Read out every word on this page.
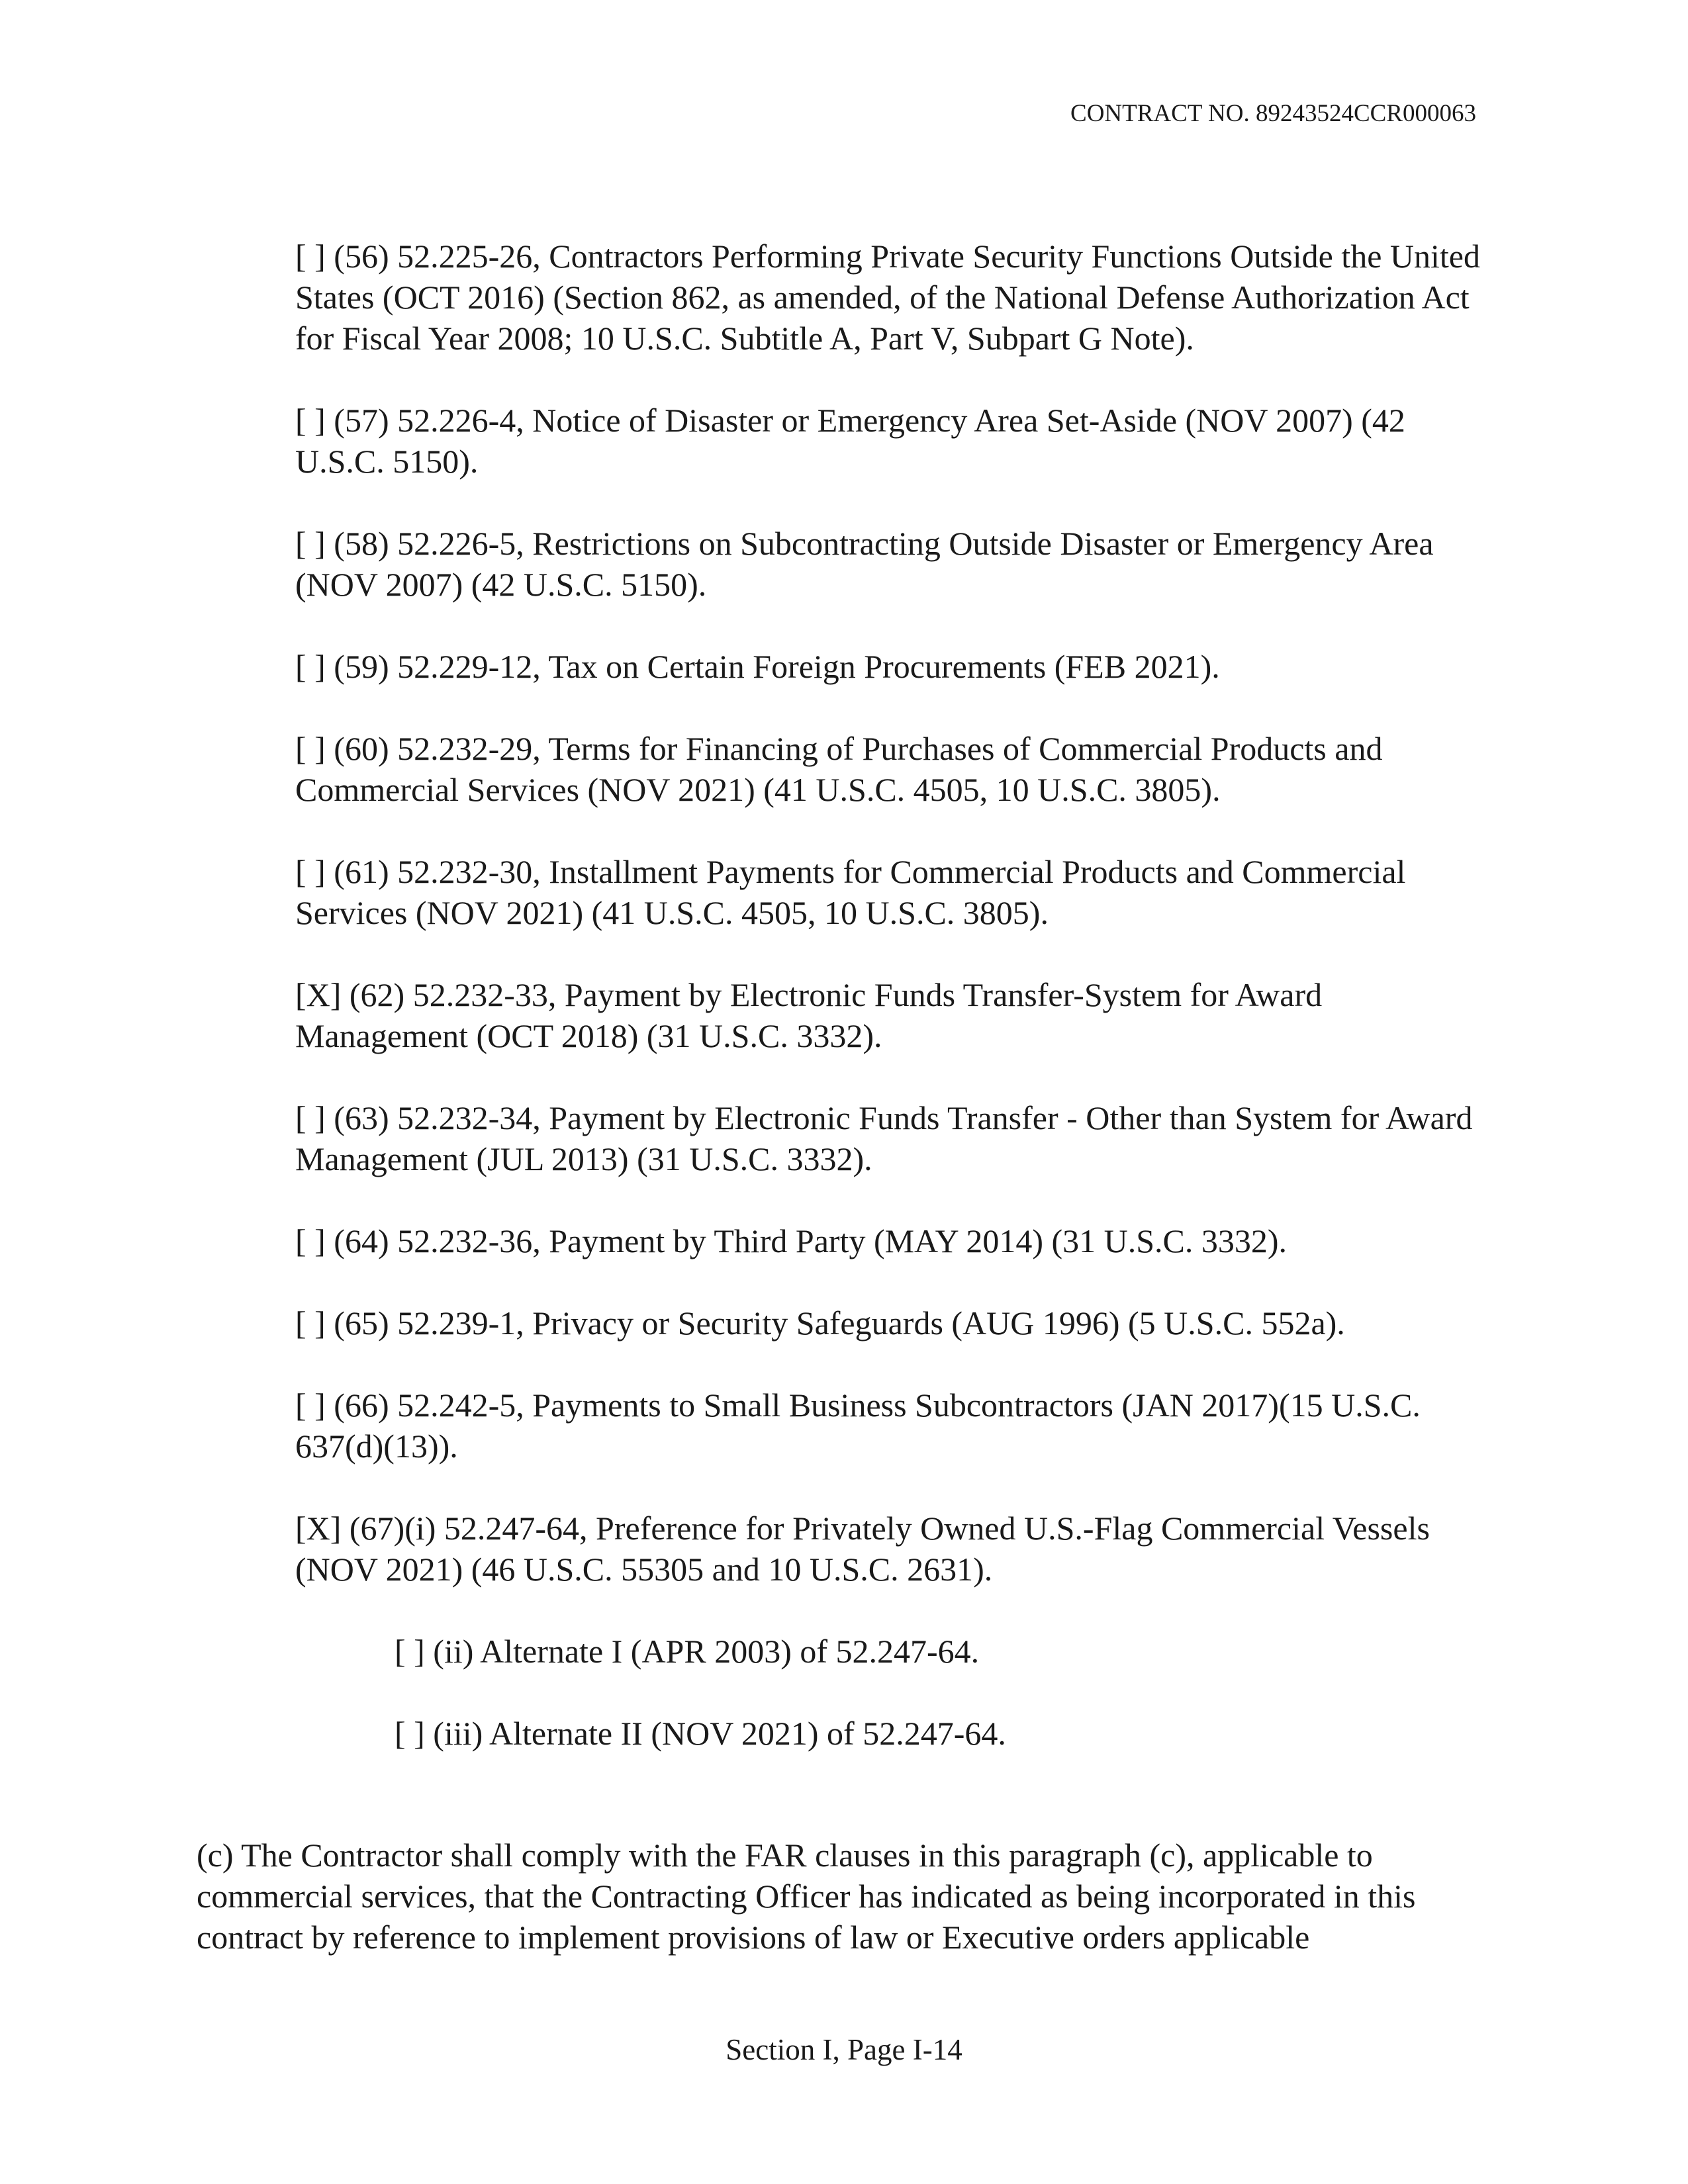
CONTRACT NO. 89243524CCR000063

[ ] (56) 52.225-26, Contractors Performing Private Security Functions Outside the United States (OCT 2016) (Section 862, as amended, of the National Defense Authorization Act for Fiscal Year 2008; 10 U.S.C. Subtitle A, Part V, Subpart G Note).

[ ] (57) 52.226-4, Notice of Disaster or Emergency Area Set-Aside (NOV 2007) (42 U.S.C. 5150).

[ ] (58) 52.226-5, Restrictions on Subcontracting Outside Disaster or Emergency Area (NOV 2007) (42 U.S.C. 5150).

[ ] (59) 52.229-12, Tax on Certain Foreign Procurements (FEB 2021).

[ ] (60) 52.232-29, Terms for Financing of Purchases of Commercial Products and Commercial Services (NOV 2021) (41 U.S.C. 4505, 10 U.S.C. 3805).

[ ] (61) 52.232-30, Installment Payments for Commercial Products and Commercial Services (NOV 2021) (41 U.S.C. 4505, 10 U.S.C. 3805).

[X] (62) 52.232-33, Payment by Electronic Funds Transfer-System for Award Management (OCT 2018) (31 U.S.C. 3332).

[ ] (63) 52.232-34, Payment by Electronic Funds Transfer - Other than System for Award Management (JUL 2013) (31 U.S.C. 3332).

[ ] (64) 52.232-36, Payment by Third Party (MAY 2014) (31 U.S.C. 3332).

[ ] (65) 52.239-1, Privacy or Security Safeguards (AUG 1996) (5 U.S.C. 552a).

[ ] (66) 52.242-5, Payments to Small Business Subcontractors (JAN 2017)(15 U.S.C. 637(d)(13)).

[X] (67)(i) 52.247-64, Preference for Privately Owned U.S.-Flag Commercial Vessels (NOV 2021) (46 U.S.C. 55305 and 10 U.S.C. 2631).

[ ] (ii) Alternate I (APR 2003) of 52.247-64.

[ ] (iii) Alternate II (NOV 2021) of 52.247-64.

(c) The Contractor shall comply with the FAR clauses in this paragraph (c), applicable to commercial services, that the Contracting Officer has indicated as being incorporated in this contract by reference to implement provisions of law or Executive orders applicable

Section I, Page I-14
